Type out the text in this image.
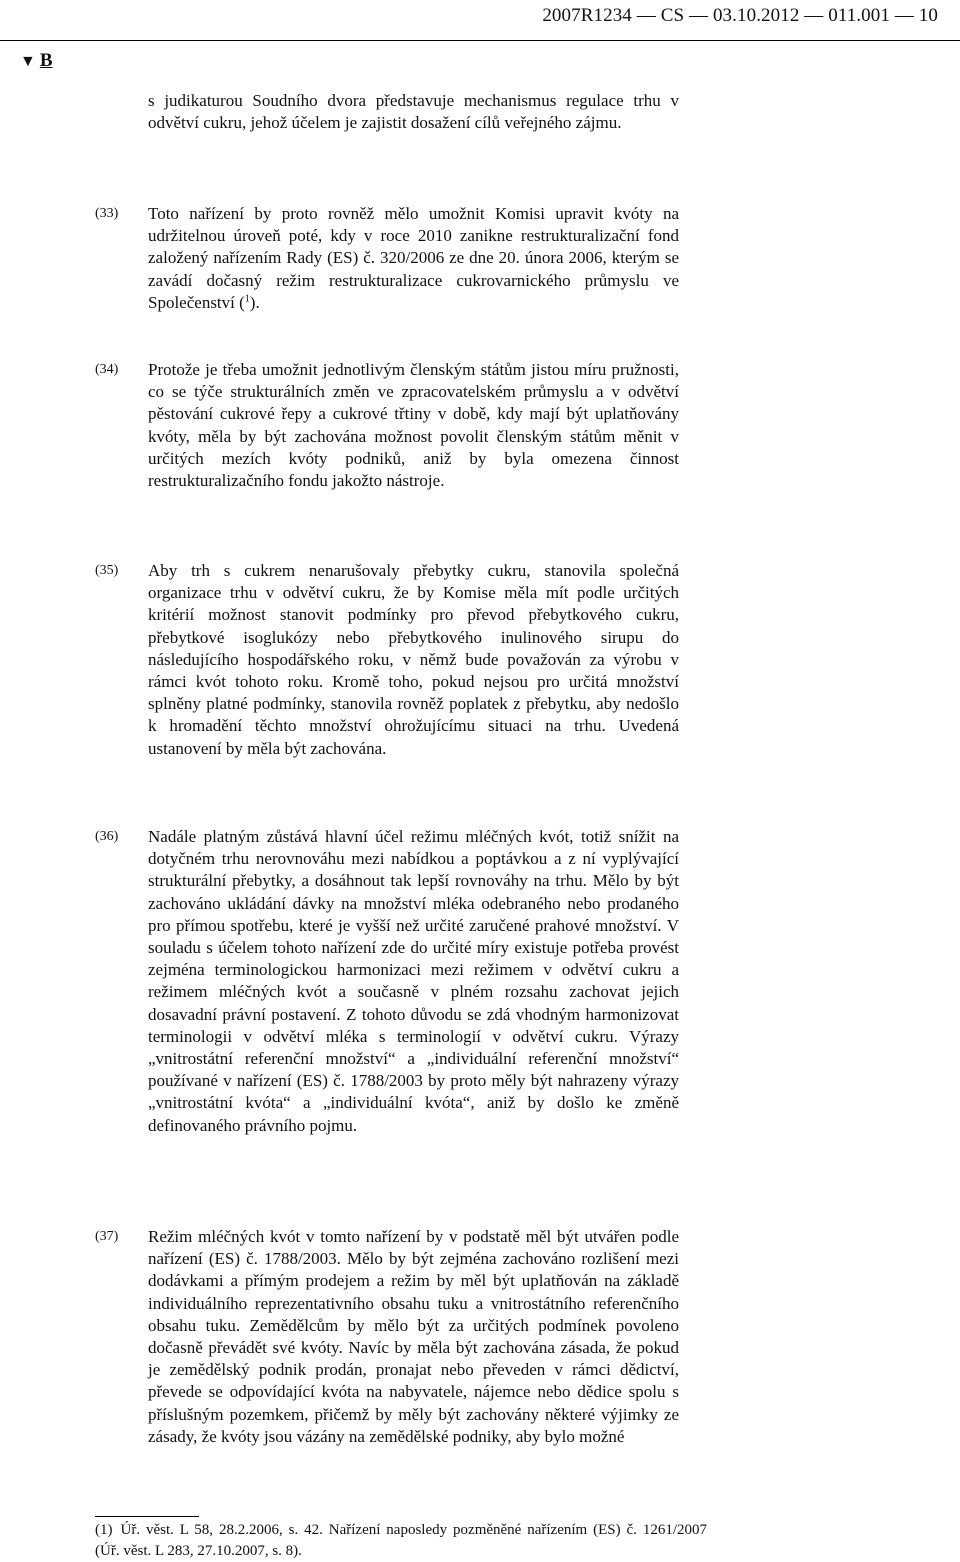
2007R1234 — CS — 03.10.2012 — 011.001 — 10
▼ B
s judikaturou Soudního dvora představuje mechanismus regulace trhu v odvětví cukru, jehož účelem je zajistit dosažení cílů veřejného zájmu.
(33) Toto nařízení by proto rovněž mělo umožnit Komisi upravit kvóty na udržitelnou úroveň poté, kdy v roce 2010 zanikne restrukturalizační fond založený nařízením Rady (ES) č. 320/2006 ze dne 20. února 2006, kterým se zavádí dočasný režim restrukturalizace cukrovarnického průmyslu ve Společenství ($^1$).
(34) Protože je třeba umožnit jednotlivým členským státům jistou míru pružnosti, co se týče strukturálních změn ve zpracovatelském průmyslu a v odvětví pěstování cukrové řepy a cukrové třtiny v době, kdy mají být uplatňovány kvóty, měla by být zachována možnost povolit členským státům měnit v určitých mezích kvóty podniků, aniž by byla omezena činnost restrukturalizačního fondu jakožto nástroje.
(35) Aby trh s cukrem nenarušovaly přebytky cukru, stanovila společná organizace trhu v odvětví cukru, že by Komise měla mít podle určitých kritérií možnost stanovit podmínky pro převod přebytkového cukru, přebytkové isoglukózy nebo přebytkového inulinového sirupu do následujícího hospodářského roku, v němž bude považován za výrobu v rámci kvót tohoto roku. Kromě toho, pokud nejsou pro určitá množství splněny platné podmínky, stanovila rovněž poplatek z přebytku, aby nedošlo k hromadění těchto množství ohrožujícímu situaci na trhu. Uvedená ustanovení by měla být zachována.
(36) Nadále platným zůstává hlavní účel režimu mléčných kvót, totiž snížit na dotyčném trhu nerovnováhu mezi nabídkou a poptávkou a z ní vyplývající strukturální přebytky, a dosáhnout tak lepší rovnováhy na trhu. Mělo by být zachováno ukládání dávky na množství mléka odebraného nebo prodaného pro přímou spotřebu, které je vyšší než určité zaručené prahové množství. V souladu s účelem tohoto nařízení zde do určité míry existuje potřeba provést zejména terminologickou harmonizaci mezi režimem v odvětví cukru a režimem mléčných kvót a současně v plném rozsahu zachovat jejich dosavadní právní postavení. Z tohoto důvodu se zdá vhodným harmonizovat terminologii v odvětví mléka s terminologií v odvětví cukru. Výrazy „vnitrostátní referenční množství“ a „individuální referenční množství“ používané v nařízení (ES) č. 1788/2003 by proto měly být nahrazeny výrazy „vnitrostátní kvóta“ a „individuální kvóta“, aniž by došlo ke změně definovaného právního pojmu.
(37) Režim mléčných kvót v tomto nařízení by v podstatě měl být utvářen podle nařízení (ES) č. 1788/2003. Mělo by být zejména zachováno rozlišení mezi dodávkami a přímým prodejem a režim by měl být uplatňován na základě individuálního reprezentativního obsahu tuku a vnitrostátního referenčního obsahu tuku. Zemědělcům by mělo být za určitých podmínek povoleno dočasně převádět své kvóty. Navíc by měla být zachována zásada, že pokud je zemědělský podnik prodán, pronajat nebo převeden v rámci dědictví, převede se odpovídající kvóta na nabyvatele, nájemce nebo dědice spolu s příslušným pozemkem, přičemž by měly být zachovány některé výjimky ze zásady, že kvóty jsou vázány na zemědělské podniky, aby bylo možné
(1) Úř. věst. L 58, 28.2.2006, s. 42. Nařízení naposledy pozměněné nařízením (ES) č. 1261/2007 (Úř. věst. L 283, 27.10.2007, s. 8).
